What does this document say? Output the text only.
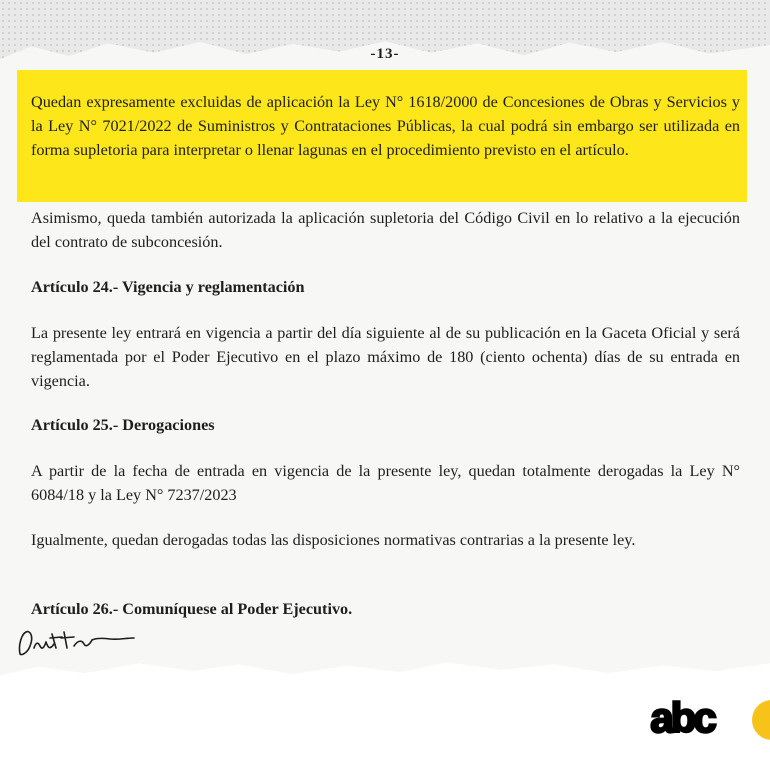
-13-

Quedan expresamente excluidas de aplicación la Ley N° 1618/2000 de Concesiones de Obras y Servicios y la Ley N° 7021/2022 de Suministros y Contrataciones Públicas, la cual podrá sin embargo ser utilizada en forma supletoria para interpretar o llenar lagunas en el procedimiento previsto en el artículo.

Asimismo, queda también autorizada la aplicación supletoria del Código Civil en lo relativo a la ejecución del contrato de subconcesión.

Artículo 24.- Vigencia y reglamentación

La presente ley entrará en vigencia a partir del día siguiente al de su publicación en la Gaceta Oficial y será reglamentada por el Poder Ejecutivo en el plazo máximo de 180 (ciento ochenta) días de su entrada en vigencia.

Artículo 25.- Derogaciones

A partir de la fecha de entrada en vigencia de la presente ley, quedan totalmente derogadas la Ley N° 6084/18 y la Ley N° 7237/2023

Igualmente, quedan derogadas todas las disposiciones normativas contrarias a la presente ley.

Artículo 26.- Comuníquese al Poder Ejecutivo.

abc
